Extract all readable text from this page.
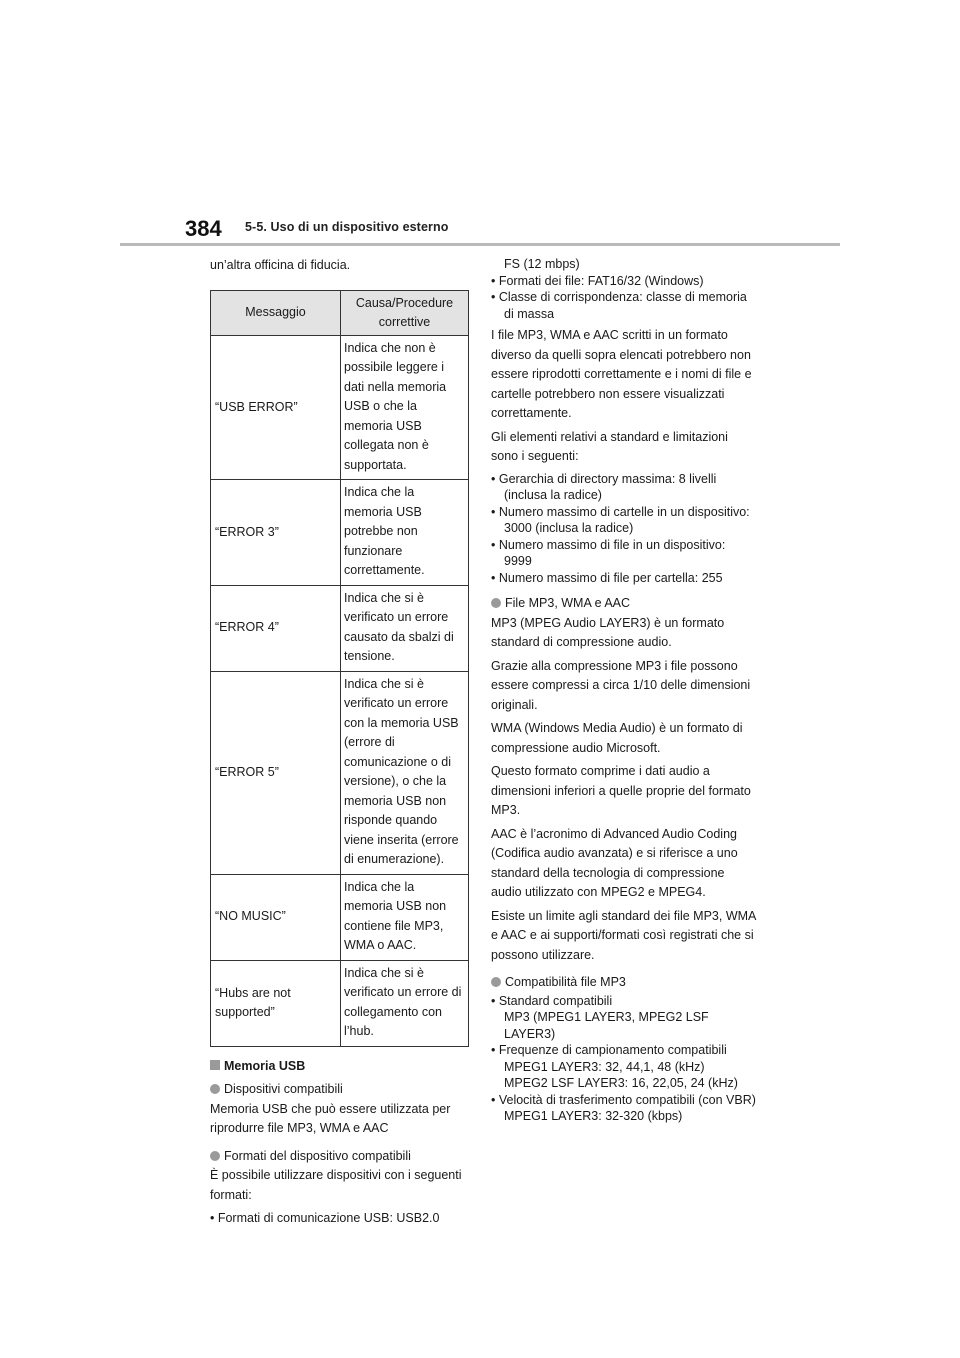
384 5-5. Uso di un dispositivo esterno

un’altra officina di fiducia.

Messaggio	Causa/Procedure correttive
“USB ERROR”	Indica che non è possibile leggere i dati nella memoria USB o che la memoria USB collegata non è supportata.
“ERROR 3”	Indica che la memoria USB potrebbe non funzionare correttamente.
“ERROR 4”	Indica che si è verificato un errore causato da sbalzi di tensione.
“ERROR 5”	Indica che si è verificato un errore con la memoria USB (errore di comunicazione o di versione), o che la memoria USB non risponde quando viene inserita (errore di enumerazione).
“NO MUSIC”	Indica che la memoria USB non contiene file MP3, WMA o AAC.
“Hubs are not supported”	Indica che si è verificato un errore di collegamento con l’hub.

Memoria USB

Dispositivi compatibili

Memoria USB che può essere utilizzata per riprodurre file MP3, WMA e AAC

Formati del dispositivo compatibili

È possibile utilizzare dispositivi con i seguenti formati:

• Formati di comunicazione USB: USB2.0

FS (12 mbps)

• Formati dei file: FAT16/32 (Windows)

• Classe di corrispondenza: classe di memoria di massa

I file MP3, WMA e AAC scritti in un formato diverso da quelli sopra elencati potrebbero non essere riprodotti correttamente e i nomi di file e cartelle potrebbero non essere visualizzati correttamente.

Gli elementi relativi a standard e limitazioni sono i seguenti:

• Gerarchia di directory massima: 8 livelli (inclusa la radice)

• Numero massimo di cartelle in un dispositivo: 3000 (inclusa la radice)

• Numero massimo di file in un dispositivo: 9999

• Numero massimo di file per cartella: 255

File MP3, WMA e AAC

MP3 (MPEG Audio LAYER3) è un formato standard di compressione audio.

Grazie alla compressione MP3 i file possono essere compressi a circa 1/10 delle dimensioni originali.

WMA (Windows Media Audio) è un formato di compressione audio Microsoft.

Questo formato comprime i dati audio a dimensioni inferiori a quelle proprie del formato MP3.

AAC è l’acronimo di Advanced Audio Coding (Codifica audio avanzata) e si riferisce a uno standard della tecnologia di compressione audio utilizzato con MPEG2 e MPEG4.

Esiste un limite agli standard dei file MP3, WMA e AAC e ai supporti/formati così registrati che si possono utilizzare.

Compatibilità file MP3

• Standard compatibili

MP3 (MPEG1 LAYER3, MPEG2 LSF LAYER3)

• Frequenze di campionamento compatibili

MPEG1 LAYER3: 32, 44,1, 48 (kHz)

MPEG2 LSF LAYER3: 16, 22,05, 24 (kHz)

• Velocità di trasferimento compatibili (con VBR)

MPEG1 LAYER3: 32-320 (kbps)
